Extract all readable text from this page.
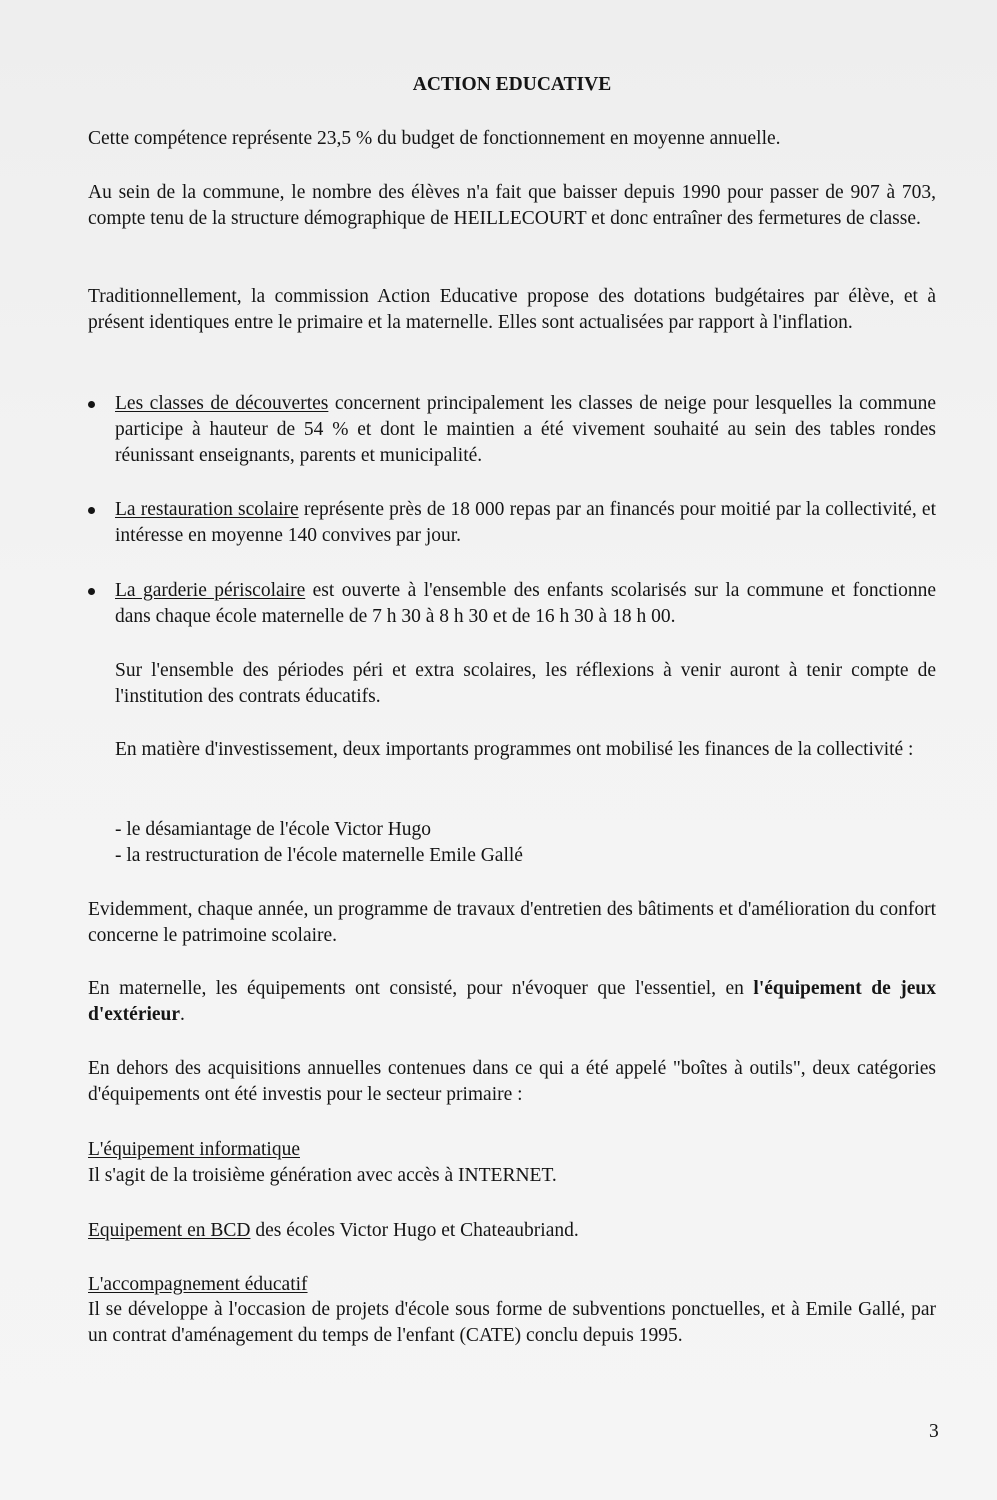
ACTION EDUCATIVE

Cette compétence représente 23,5 % du budget de fonctionnement en moyenne annuelle.

Au sein de la commune, le nombre des élèves n'a fait que baisser depuis 1990 pour passer de 907 à 703, compte tenu de la structure démographique de HEILLECOURT et donc entraîner des fermetures de classe.

Traditionnellement, la commission Action Educative propose des dotations budgétaires par élève, et à présent identiques entre le primaire et la maternelle. Elles sont actualisées par rapport à l'inflation.

Les classes de découvertes concernent principalement les classes de neige pour lesquelles la commune participe à hauteur de 54 % et dont le maintien a été vivement souhaité au sein des tables rondes réunissant enseignants, parents et municipalité.
La restauration scolaire représente près de 18 000 repas par an financés pour moitié par la collectivité, et intéresse en moyenne 140 convives par jour.
La garderie périscolaire est ouverte à l'ensemble des enfants scolarisés sur la commune et fonctionne dans chaque école maternelle de 7 h 30 à 8 h 30 et de 16 h 30 à 18 h 00.

Sur l'ensemble des périodes péri et extra scolaires, les réflexions à venir auront à tenir compte de l'institution des contrats éducatifs.

En matière d'investissement, deux importants programmes ont mobilisé les finances de la collectivité :

- le désamiantage de l'école Victor Hugo

- la restructuration de l'école maternelle Emile Gallé

Evidemment, chaque année, un programme de travaux d'entretien des bâtiments et d'amélioration du confort concerne le patrimoine scolaire.

En maternelle, les équipements ont consisté, pour n'évoquer que l'essentiel, en l'équipement de jeux d'extérieur.

En dehors des acquisitions annuelles contenues dans ce qui a été appelé "boîtes à outils", deux catégories d'équipements ont été investis pour le secteur primaire :

L'équipement informatique

Il s'agit de la troisième génération avec accès à INTERNET.

Equipement en BCD des écoles Victor Hugo et Chateaubriand.

L'accompagnement éducatif

Il se développe à l'occasion de projets d'école sous forme de subventions ponctuelles, et à Emile Gallé, par un contrat d'aménagement du temps de l'enfant (CATE) conclu depuis 1995.

3
